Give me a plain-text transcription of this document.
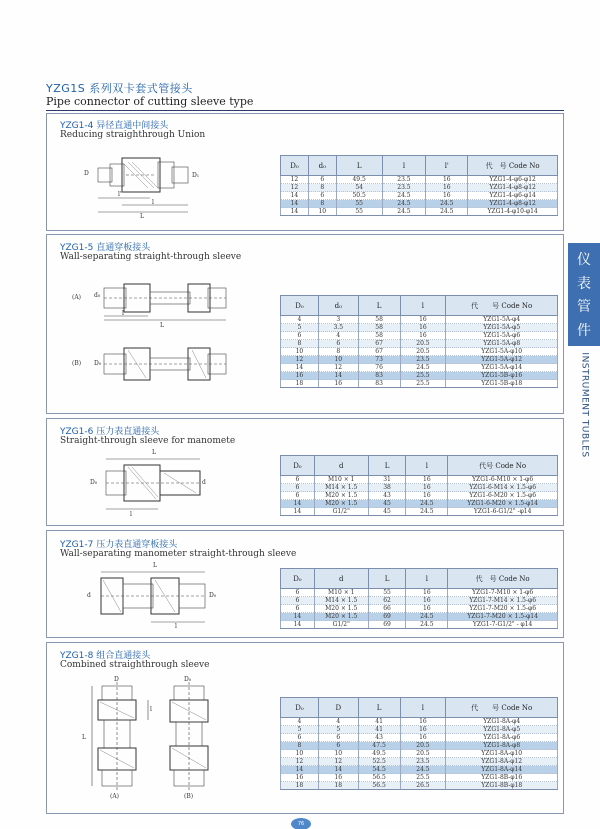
YZG1S 系列双卡套式管接头
Pipe connector of cutting sleeve type
YZG1-4 异径直通中间接头
Reducing straighthrough Union
D	D₁
l'
l
L
D₀	d₀	L	l	l'	代　号 Code No
12	6	49.5	23.5	16	YZG1-4-φ6-φ12
12	8	54	23.5	16	YZG1-4-φ8-φ12
14	6	50.5	24.5	16	YZG1-4-φ6-φ14
14	8	55	24.5	24.5	YZG1-4-φ8-φ12
14	10	55	24.5	24.5	YZG1-4-φ10-φ14
YZG1-5 直通穿板接头
Wall-separating straight-through sleeve
(A)
(B)
l
L
d₀
D₀
D₀	d₀	L	l	代　　号 Code No
4	3	58	16	YZG1-5A-φ4
5	3.5	58	16	YZG1-5A-φ5
6	4	58	16	YZG1-5A-φ6
8	6	67	20.5	YZG1-5A-φ8
10	8	67	20.5	YZG1-5A-φ10
12	10	73	23.5	YZG1-5A-φ12
14	12	76	24.5	YZG1-5A-φ14
16	14	83	25.5	YZG1-5B-φ16
18	16	83	25.5	YZG1-5B-φ18
YZG1-6 压力表直通接头
Straight-through sleeve for manomete
L
l
D₀	d
D₀	d	L	l	代号 Code No
6	M10 × 1	31	16	YZG1-6-M10 × 1-φ6
6	M14 × 1.5	38	16	YZG1-6-M14 × 1.5-φ6
6	M20 × 1.5	43	16	YZG1-6-M20 × 1.5-φ6
14	M20 × 1.5	45	24.5	YZG1-6-M20 × 1.5-φ14
14	G1/2"	45	24.5	YZG1-6-G1/2" -φ14
YZG1-7 压力表直通穿板接头
Wall-separating manometer straight-through sleeve
L
l
d	D₀
D₀	d	L	l	代　号 Code No
6	M10 × 1	55	16	YZG1-7-M10 × 1-φ6
6	M14 × 1.5	62	16	YZG1-7-M14 × 1.5-φ6
6	M20 × 1.5	66	16	YZG1-7-M20 × 1.5-φ6
14	M20 × 1.5	69	24.5	YZG1-7-M20 × 1.5-φ14
14	G1/2"	69	24.5	YZG1-7-G1/2" - φ14
YZG1-8 组合直通接头
Combined straighthrough sleeve
(A)	(B)
D	D₀
l
L
D₀	D	L	l	代　　号 Code No
4	4	41	16	YZG1-8A-φ4
5	5	41	16	YZG1-8A-φ5
6	6	43	16	YZG1-8A-φ6
8	6	47.5	20.5	YZG1-8A-φ8
10	10	49.5	20.5	YZG1-8A-φ10
12	12	52.5	23.5	YZG1-8A-φ12
14	14	54.5	24.5	YZG1-8A-φ14
16	16	56.5	25.5	YZG1-8B-φ16
18	18	56.5	26.5	YZG1-8B-φ18
仪
表
管
件
INSTRUMENT TUBLES
76
